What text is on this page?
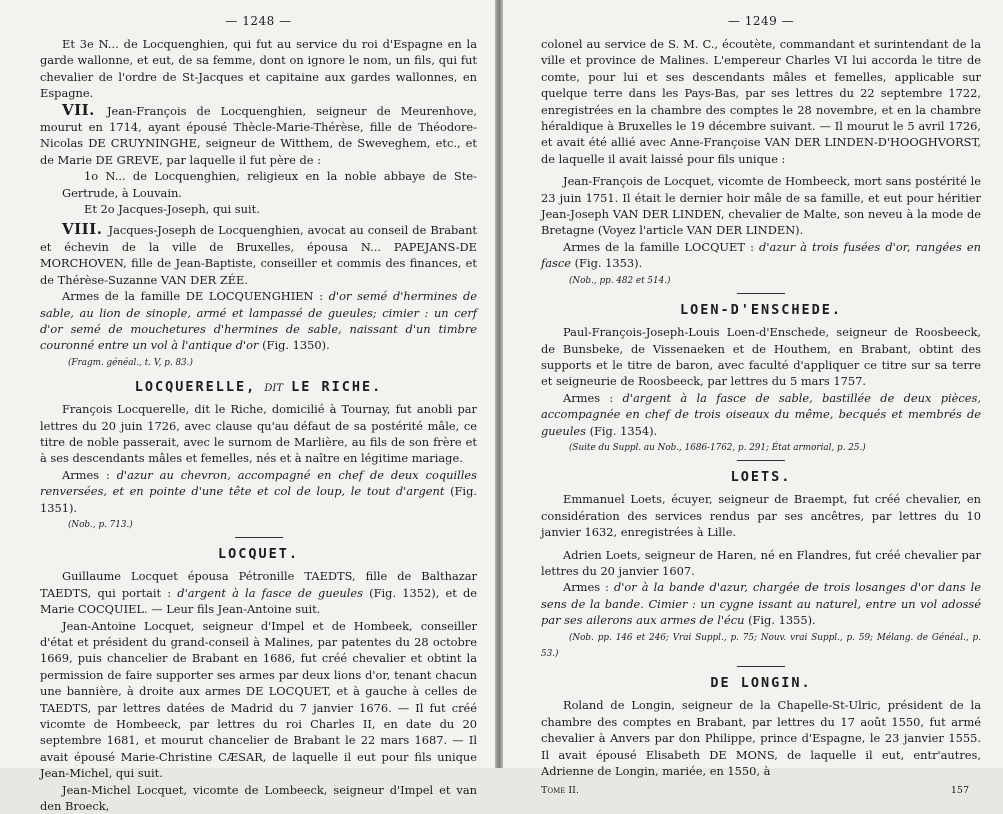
— 1248 —

Et 3e N... de Locquenghien, qui fut au service du roi d'Espagne en la garde wallonne, et eut, de sa femme, dont on ignore le nom, un fils, qui fut chevalier de l'ordre de St-Jacques et capitaine aux gardes wallonnes, en Espagne.

VII. Jean-François de Locquenghien, seigneur de Meurenhove, mourut en 1714, ayant épousé Thècle-Marie-Thérèse, fille de Théodore-Nicolas DE CRUYNINGHE, seigneur de Witthem, de Sweveghem, etc., et de Marie DE GREVE, par laquelle il fut père de :

1o N... de Locquenghien, religieux en la noble abbaye de Ste-Gertrude, à Louvain.

Et 2o Jacques-Joseph, qui suit.

VIII. Jacques-Joseph de Locquenghien, avocat au conseil de Brabant et échevin de la ville de Bruxelles, épousa N... PAPEJANS-DE MORCHOVEN, fille de Jean-Baptiste, conseiller et commis des finances, et de Thérèse-Suzanne VAN DER ZÉE.

Armes de la famille DE LOCQUENGHIEN : d'or semé d'hermines de sable, au lion de sinople, armé et lampassé de gueules; cimier : un cerf d'or semé de mouchetures d'hermines de sable, naissant d'un timbre couronné entre un vol à l'antique d'or (Fig. 1350).

(Fragm. généal., t. V, p. 83.)

LOCQUERELLE, DIT LE RICHE.

François Locquerelle, dit le Riche, domicilié à Tournay, fut anobli par lettres du 20 juin 1726, avec clause qu'au défaut de sa postérité mâle, ce titre de noble passerait, avec le surnom de Marlière, au fils de son frère et à ses descendants mâles et femelles, nés et à naître en légitime mariage.

Armes : d'azur au chevron, accompagné en chef de deux coquilles renversées, et en pointe d'une tête et col de loup, le tout d'argent (Fig. 1351).

(Nob., p. 713.)

LOCQUET.

Guillaume Locquet épousa Pétronille TAEDTS, fille de Balthazar TAEDTS, qui portait : d'argent à la fasce de gueules (Fig. 1352), et de Marie COCQUIEL. — Leur fils Jean-Antoine suit.

Jean-Antoine Locquet, seigneur d'Impel et de Hombeek, conseiller d'état et président du grand-conseil à Malines, par patentes du 28 octobre 1669, puis chancelier de Brabant en 1686, fut créé chevalier et obtint la permission de faire supporter ses armes par deux lions d'or, tenant chacun une bannière, à droite aux armes DE LOCQUET, et à gauche à celles de TAEDTS, par lettres datées de Madrid du 7 janvier 1676. — Il fut créé vicomte de Hombeeck, par lettres du roi Charles II, en date du 20 septembre 1681, et mourut chancelier de Brabant le 22 mars 1687. — Il avait épousé Marie-Christine CÆSAR, de laquelle il eut pour fils unique Jean-Michel, qui suit.

Jean-Michel Locquet, vicomte de Lombeeck, seigneur d'Impel et van den Broeck,

— 1249 —

colonel au service de S. M. C., écoutète, commandant et surintendant de la ville et province de Malines. L'empereur Charles VI lui accorda le titre de comte, pour lui et ses descendants mâles et femelles, applicable sur quelque terre dans les Pays-Bas, par ses lettres du 22 septembre 1722, enregistrées en la chambre des comptes le 28 novembre, et en la chambre héraldique à Bruxelles le 19 décembre suivant. — Il mourut le 5 avril 1726, et avait été allié avec Anne-Françoise VAN DER LINDEN-D'HOOGHVORST, de laquelle il avait laissé pour fils unique :

Jean-François de Locquet, vicomte de Hombeeck, mort sans postérité le 23 juin 1751. Il était le dernier hoir mâle de sa famille, et eut pour héritier Jean-Joseph VAN DER LINDEN, chevalier de Malte, son neveu à la mode de Bretagne (Voyez l'article VAN DER LINDEN).

Armes de la famille LOCQUET : d'azur à trois fusées d'or, rangées en fasce (Fig. 1353).

(Nob., pp. 482 et 514.)

LOEN-D'ENSCHEDE.

Paul-François-Joseph-Louis Loen-d'Enschede, seigneur de Roosbeeck, de Bunsbeke, de Vissenaeken et de Houthem, en Brabant, obtint des supports et le titre de baron, avec faculté d'appliquer ce titre sur sa terre et seigneurie de Roosbeeck, par lettres du 5 mars 1757.

Armes : d'argent à la fasce de sable, bastillée de deux pièces, accompagnée en chef de trois oiseaux du même, becqués et membrés de gueules (Fig. 1354).

(Suite du Suppl. au Nob., 1686-1762, p. 291; État armorial, p. 25.)

LOETS.

Emmanuel Loets, écuyer, seigneur de Braempt, fut créé chevalier, en considération des services rendus par ses ancêtres, par lettres du 10 janvier 1632, enregistrées à Lille.

Adrien Loets, seigneur de Haren, né en Flandres, fut créé chevalier par lettres du 20 janvier 1607.

Armes : d'or à la bande d'azur, chargée de trois losanges d'or dans le sens de la bande. Cimier : un cygne issant au naturel, entre un vol adossé par ses ailerons aux armes de l'écu (Fig. 1355).

(Nob. pp. 146 et 246; Vrai Suppl., p. 75; Nouv. vrai Suppl., p. 59; Mélang. de Généal., p. 53.)

DE LONGIN.

Roland de Longin, seigneur de la Chapelle-St-Ulric, président de la chambre des comptes en Brabant, par lettres du 17 août 1550, fut armé chevalier à Anvers par don Philippe, prince d'Espagne, le 23 janvier 1555. Il avait épousé Elisabeth DE MONS, de laquelle il eut, entr'autres, Adrienne de Longin, mariée, en 1550, à

Tome II.	157
